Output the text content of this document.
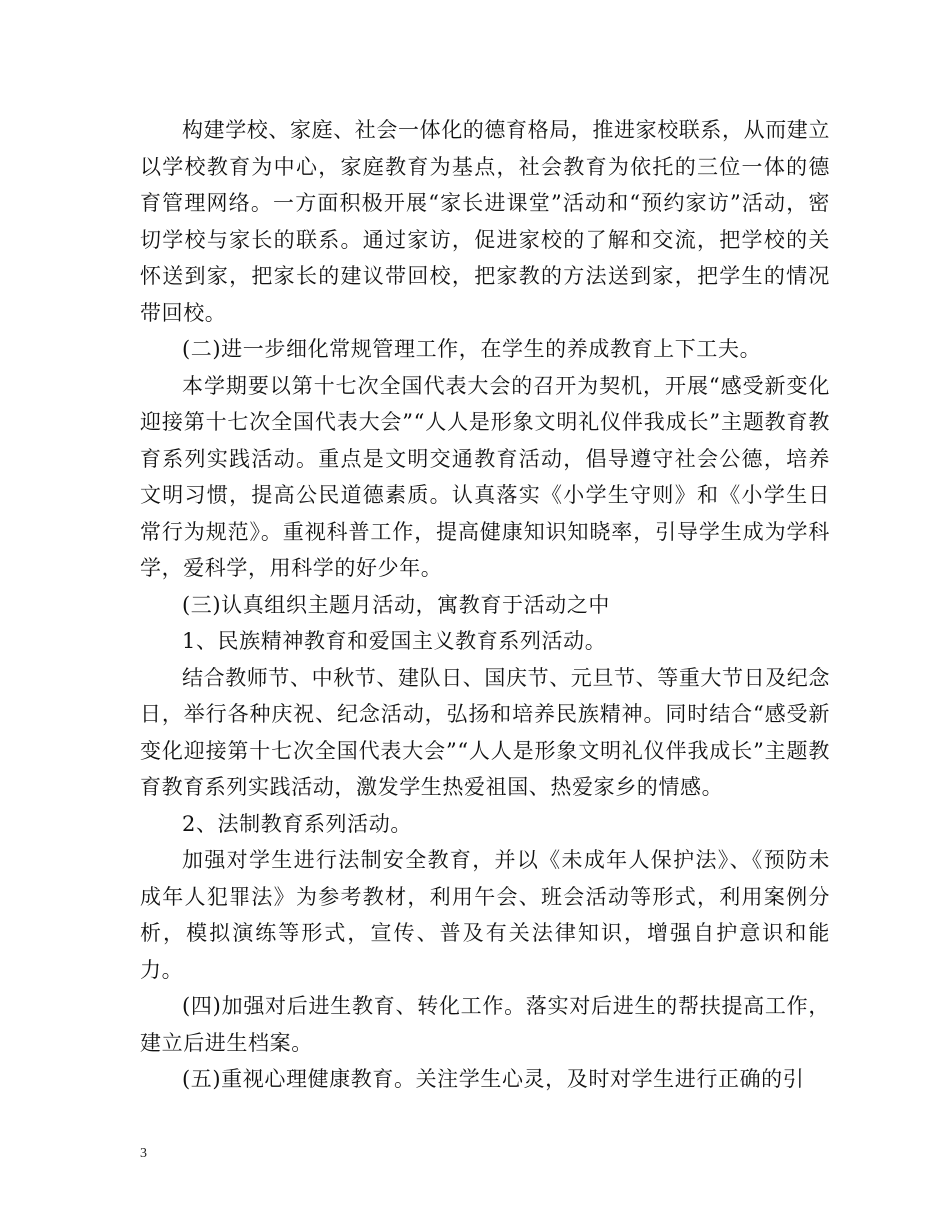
构建学校、家庭、社会一体化的德育格局，推进家校联系，从而建立以学校教育为中心，家庭教育为基点，社会教育为依托的三位一体的德育管理网络。一方面积极开展“家长进课堂”活动和“预约家访”活动，密切学校与家长的联系。通过家访，促进家校的了解和交流，把学校的关怀送到家，把家长的建议带回校，把家教的方法送到家，把学生的情况带回校。

(二)进一步细化常规管理工作，在学生的养成教育上下工夫。

本学期要以第十七次全国代表大会的召开为契机，开展“感受新变化迎接第十七次全国代表大会”“人人是形象文明礼仪伴我成长”主题教育教育系列实践活动。重点是文明交通教育活动，倡导遵守社会公德，培养文明习惯，提高公民道德素质。认真落实《小学生守则》和《小学生日常行为规范》。重视科普工作，提高健康知识知晓率，引导学生成为学科学，爱科学，用科学的好少年。

(三)认真组织主题月活动，寓教育于活动之中

1、民族精神教育和爱国主义教育系列活动。

结合教师节、中秋节、建队日、国庆节、元旦节、等重大节日及纪念日，举行各种庆祝、纪念活动，弘扬和培养民族精神。同时结合“感受新变化迎接第十七次全国代表大会”“人人是形象文明礼仪伴我成长”主题教育教育系列实践活动，激发学生热爱祖国、热爱家乡的情感。

2、法制教育系列活动。

加强对学生进行法制安全教育，并以《未成年人保护法》、《预防未成年人犯罪法》为参考教材，利用午会、班会活动等形式，利用案例分析，模拟演练等形式，宣传、普及有关法律知识，增强自护意识和能力。

(四)加强对后进生教育、转化工作。落实对后进生的帮扶提高工作，建立后进生档案。

(五)重视心理健康教育。关注学生心灵，及时对学生进行正确的引

3
